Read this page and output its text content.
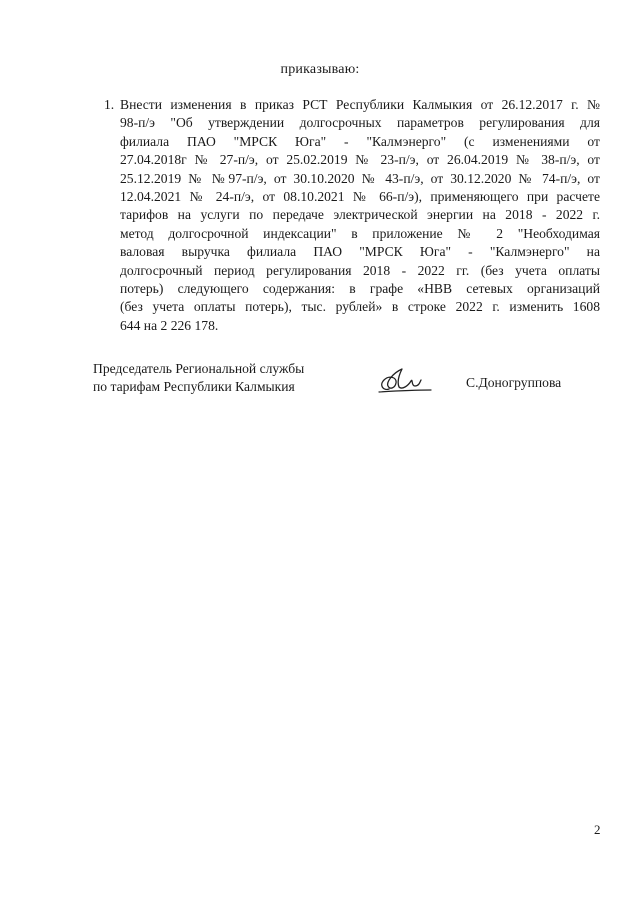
приказываю:
1. Внести изменения в приказ РСТ Республики Калмыкия от 26.12.2017 г. №
98-п/э "Об утверждении долгосрочных параметров регулирования для
филиала ПАО "МРСК Юга" - "Калмэнерго" (с изменениями от
27.04.2018г № 27-п/э, от 25.02.2019 № 23-п/э, от 26.04.2019 № 38-п/э, от
25.12.2019 № №97-п/э, от 30.10.2020 № 43-п/э, от 30.12.2020 № 74-п/э, от
12.04.2021 № 24-п/э, от 08.10.2021 № 66-п/э), применяющего при расчете
тарифов на услуги по передаче электрической энергии на 2018 - 2022 г.
метод долгосрочной индексации" в приложение № 2 "Необходимая
валовая выручка филиала ПАО "МРСК Юга" - "Калмэнерго" на
долгосрочный период регулирования 2018 - 2022 гг. (без учета оплаты
потерь) следующего содержания: в графе «НВВ сетевых организаций
(без учета оплаты потерь), тыс. рублей» в строке 2022 г. изменить 1608
644 на 2 226 178.
Председатель Региональной службы
по тарифам Республики Калмыкия	С.Доногруппова
2
